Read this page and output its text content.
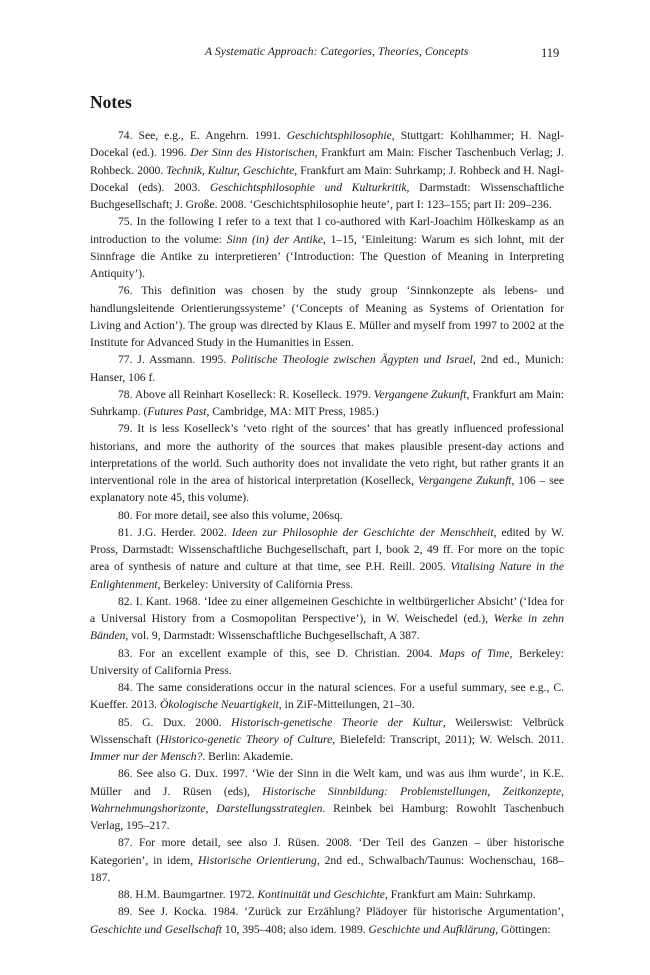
A Systematic Approach: Categories, Theories, Concepts	119
Notes

74. See, e.g., E. Angehrn. 1991. Geschichtsphilosophie, Stuttgart: Kohlhammer; H. Nagl-Docekal (ed.). 1996. Der Sinn des Historischen, Frankfurt am Main: Fischer Taschenbuch Verlag; J. Rohbeck. 2000. Technik, Kultur, Geschichte, Frankfurt am Main: Suhrkamp; J. Rohbeck and H. Nagl-Docekal (eds). 2003. Geschichtsphilosophie und Kulturkritik, Darmstadt: Wissenschaftliche Buchgesellschaft; J. Große. 2008. ‘Geschichtsphilosophie heute’, part I: 123–155; part II: 209–236.

75. In the following I refer to a text that I co-authored with Karl-Joachim Hölkeskamp as an introduction to the volume: Sinn (in) der Antike, 1–15, ‘Einleitung: Warum es sich lohnt, mit der Sinnfrage die Antike zu interpretieren’ (‘Introduction: The Question of Meaning in Interpreting Antiquity’).

76. This definition was chosen by the study group ‘Sinnkonzepte als lebens- und handlungsleitende Orientierungssysteme’ (‘Concepts of Meaning as Systems of Orientation for Living and Action’). The group was directed by Klaus E. Müller and myself from 1997 to 2002 at the Institute for Advanced Study in the Humanities in Essen.

77. J. Assmann. 1995. Politische Theologie zwischen Ägypten und Israel, 2nd ed., Munich: Hanser, 106 f.

78. Above all Reinhart Koselleck: R. Koselleck. 1979. Vergangene Zukunft, Frankfurt am Main: Suhrkamp. (Futures Past, Cambridge, MA: MIT Press, 1985.)

79. It is less Koselleck’s ‘veto right of the sources’ that has greatly influenced professional historians, and more the authority of the sources that makes plausible present-day actions and interpretations of the world. Such authority does not invalidate the veto right, but rather grants it an interventional role in the area of historical interpretation (Koselleck, Vergangene Zukunft, 106 – see explanatory note 45, this volume).

80. For more detail, see also this volume, 206sq.

81. J.G. Herder. 2002. Ideen zur Philosophie der Geschichte der Menschheit, edited by W. Pross, Darmstadt: Wissenschaftliche Buchgesellschaft, part I, book 2, 49 ff. For more on the topic area of synthesis of nature and culture at that time, see P.H. Reill. 2005. Vitalising Nature in the Enlightenment, Berkeley: University of California Press.

82. I. Kant. 1968. ‘Idee zu einer allgemeinen Geschichte in weltbürgerlicher Absicht’ (‘Idea for a Universal History from a Cosmopolitan Perspective’), in W. Weischedel (ed.), Werke in zehn Bänden, vol. 9, Darmstadt: Wissenschaftliche Buchgesellschaft, A 387.

83. For an excellent example of this, see D. Christian. 2004. Maps of Time, Berkeley: University of California Press.

84. The same considerations occur in the natural sciences. For a useful summary, see e.g., C. Kueffer. 2013. Ökologische Neuartigkeit, in ZiF-Mitteilungen, 21–30.

85. G. Dux. 2000. Historisch-genetische Theorie der Kultur, Weilerswist: Velbrück Wissenschaft (Historico-genetic Theory of Culture, Bielefeld: Transcript, 2011); W. Welsch. 2011. Immer nur der Mensch?. Berlin: Akademie.

86. See also G. Dux. 1997. ‘Wie der Sinn in die Welt kam, und was aus ihm wurde’, in K.E. Müller and J. Rüsen (eds), Historische Sinnbildung: Problemstellungen, Zeitkonzepte, Wahrnehmungshorizonte, Darstellungsstrategien. Reinbek bei Hamburg: Rowohlt Taschenbuch Verlag, 195–217.

87. For more detail, see also J. Rüsen. 2008. ‘Der Teil des Ganzen – über historische Kategorien’, in idem, Historische Orientierung, 2nd ed., Schwalbach/Taunus: Wochenschau, 168–187.

88. H.M. Baumgartner. 1972. Kontinuität und Geschichte, Frankfurt am Main: Suhrkamp.

89. See J. Kocka. 1984. ‘Zurück zur Erzählung? Plädoyer für historische Argumentation’, Geschichte und Gesellschaft 10, 395–408; also idem. 1989. Geschichte und Aufklärung, Göttingen:
